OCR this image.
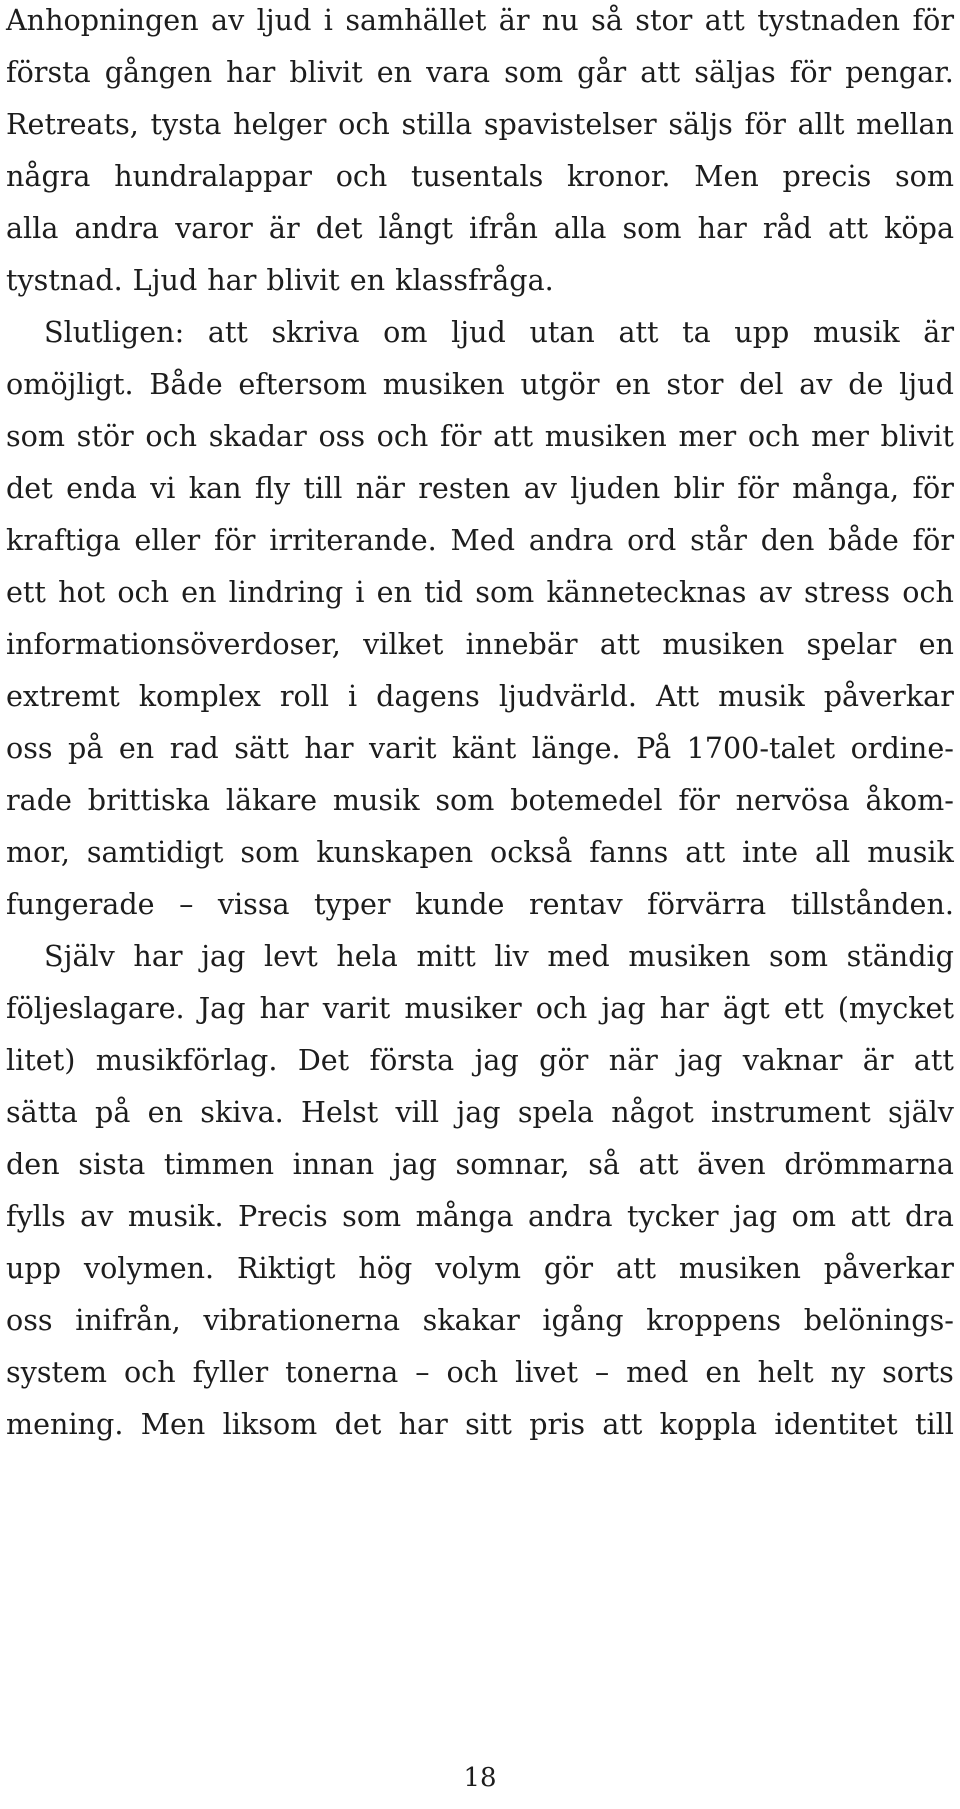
Anhopningen av ljud i samhället är nu så stor att tystnaden för
första gången har blivit en vara som går att säljas för pengar.
Retreats, tysta helger och stilla spavistelser säljs för allt mellan
några hundralappar och tusentals kronor. Men precis som
alla andra varor är det långt ifrån alla som har råd att köpa
tystnad. Ljud har blivit en klassfråga.
Slutligen: att skriva om ljud utan att ta upp musik är
omöjligt. Både eftersom musiken utgör en stor del av de ljud
som stör och skadar oss och för att musiken mer och mer blivit
det enda vi kan fly till när resten av ljuden blir för många, för
kraftiga eller för irriterande. Med andra ord står den både för
ett hot och en lindring i en tid som kännetecknas av stress och
informationsöverdoser, vilket innebär att musiken spelar en
extremt komplex roll i dagens ljudvärld. Att musik påverkar
oss på en rad sätt har varit känt länge. På 1700-talet ordine-
rade brittiska läkare musik som botemedel för nervösa åkom-
mor, samtidigt som kunskapen också fanns att inte all musik
fungerade – vissa typer kunde rentav förvärra tillstånden.
Själv har jag levt hela mitt liv med musiken som ständig
följeslagare. Jag har varit musiker och jag har ägt ett (mycket
litet) musikförlag. Det första jag gör när jag vaknar är att
sätta på en skiva. Helst vill jag spela något instrument själv
den sista timmen innan jag somnar, så att även drömmarna
fylls av musik. Precis som många andra tycker jag om att dra
upp volymen. Riktigt hög volym gör att musiken påverkar
oss inifrån, vibrationerna skakar igång kroppens belönings-
system och fyller tonerna – och livet – med en helt ny sorts
mening. Men liksom det har sitt pris att koppla identitet till
18
